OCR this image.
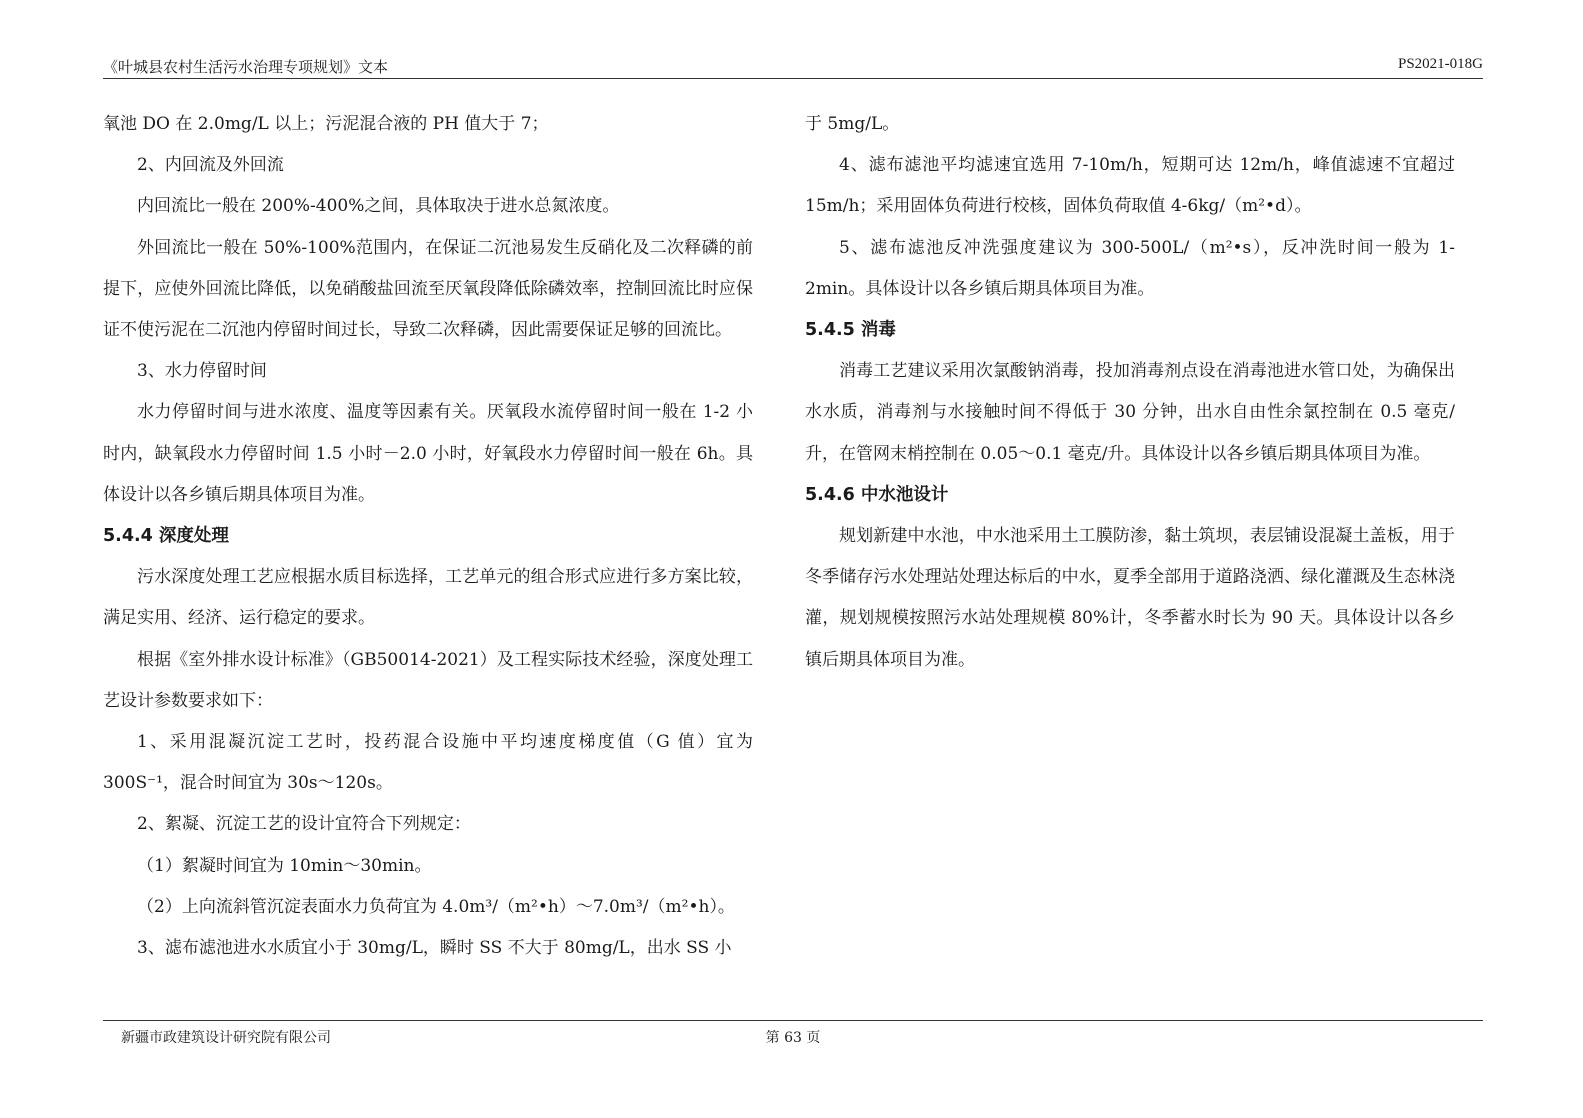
《叶城县农村生活污水治理专项规划》文本	PS2021-018G

氧池 DO 在 2.0mg/L 以上；污泥混合液的 PH 值大于 7；

2、内回流及外回流

内回流比一般在 200%-400%之间，具体取决于进水总氮浓度。

外回流比一般在 50%-100%范围内，在保证二沉池易发生反硝化及二次释磷的前提下，应使外回流比降低，以免硝酸盐回流至厌氧段降低除磷效率，控制回流比时应保证不使污泥在二沉池内停留时间过长，导致二次释磷，因此需要保证足够的回流比。

3、水力停留时间

水力停留时间与进水浓度、温度等因素有关。厌氧段水流停留时间一般在 1-2 小时内，缺氧段水力停留时间 1.5 小时－2.0 小时，好氧段水力停留时间一般在 6h。具体设计以各乡镇后期具体项目为准。

5.4.4 深度处理

污水深度处理工艺应根据水质目标选择，工艺单元的组合形式应进行多方案比较，满足实用、经济、运行稳定的要求。

根据《室外排水设计标准》（GB50014-2021）及工程实际技术经验，深度处理工艺设计参数要求如下：

1、采用混凝沉淀工艺时，投药混合设施中平均速度梯度值（G 值）宜为 300S⁻¹，混合时间宜为 30s～120s。

2、絮凝、沉淀工艺的设计宜符合下列规定：

（1）絮凝时间宜为 10min～30min。

（2）上向流斜管沉淀表面水力负荷宜为 4.0m³/（m²•h）～7.0m³/（m²•h）。

3、滤布滤池进水水质宜小于 30mg/L，瞬时 SS 不大于 80mg/L，出水 SS 小

于 5mg/L。

4、滤布滤池平均滤速宜选用 7-10m/h，短期可达 12m/h，峰值滤速不宜超过 15m/h；采用固体负荷进行校核，固体负荷取值 4-6kg/（m²•d）。

5、滤布滤池反冲洗强度建议为 300-500L/（m²•s），反冲洗时间一般为 1-2min。具体设计以各乡镇后期具体项目为准。

5.4.5 消毒

消毒工艺建议采用次氯酸钠消毒，投加消毒剂点设在消毒池进水管口处，为确保出水水质，消毒剂与水接触时间不得低于 30 分钟，出水自由性余氯控制在 0.5 毫克/升，在管网末梢控制在 0.05～0.1 毫克/升。具体设计以各乡镇后期具体项目为准。

5.4.6 中水池设计

规划新建中水池，中水池采用土工膜防渗，黏土筑坝，表层铺设混凝土盖板，用于冬季储存污水处理站处理达标后的中水，夏季全部用于道路浇洒、绿化灌溉及生态林浇灌，规划规模按照污水站处理规模 80%计，冬季蓄水时长为 90 天。具体设计以各乡镇后期具体项目为准。

新疆市政建筑设计研究院有限公司	第 63 页
